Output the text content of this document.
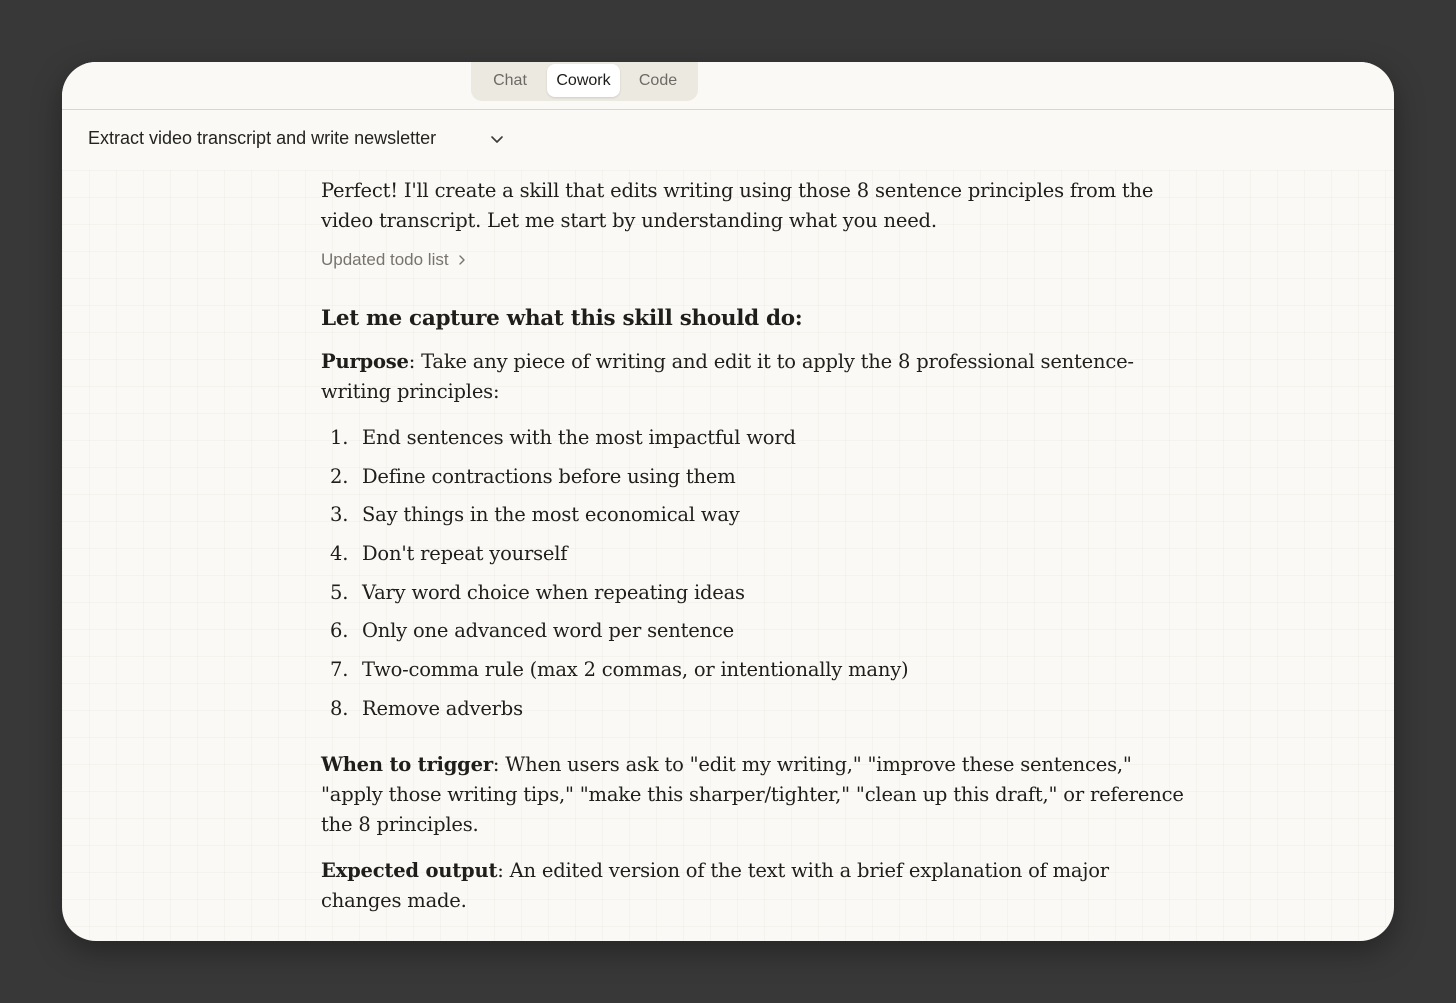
Chat	Cowork	Code
Extract video transcript and write newsletter

Perfect! I'll create a skill that edits writing using those 8 sentence principles from the video transcript. Let me start by understanding what you need.

Updated todo list
Let me capture what this skill should do:

Purpose: Take any piece of writing and edit it to apply the 8 professional sentence-writing principles:

1. End sentences with the most impactful word
2. Define contractions before using them
3. Say things in the most economical way
4. Don't repeat yourself
5. Vary word choice when repeating ideas
6. Only one advanced word per sentence
7. Two-comma rule (max 2 commas, or intentionally many)
8. Remove adverbs

When to trigger: When users ask to "edit my writing," "improve these sentences," "apply those writing tips," "make this sharper/tighter," "clean up this draft," or reference the 8 principles.

Expected output: An edited version of the text with a brief explanation of major changes made.
